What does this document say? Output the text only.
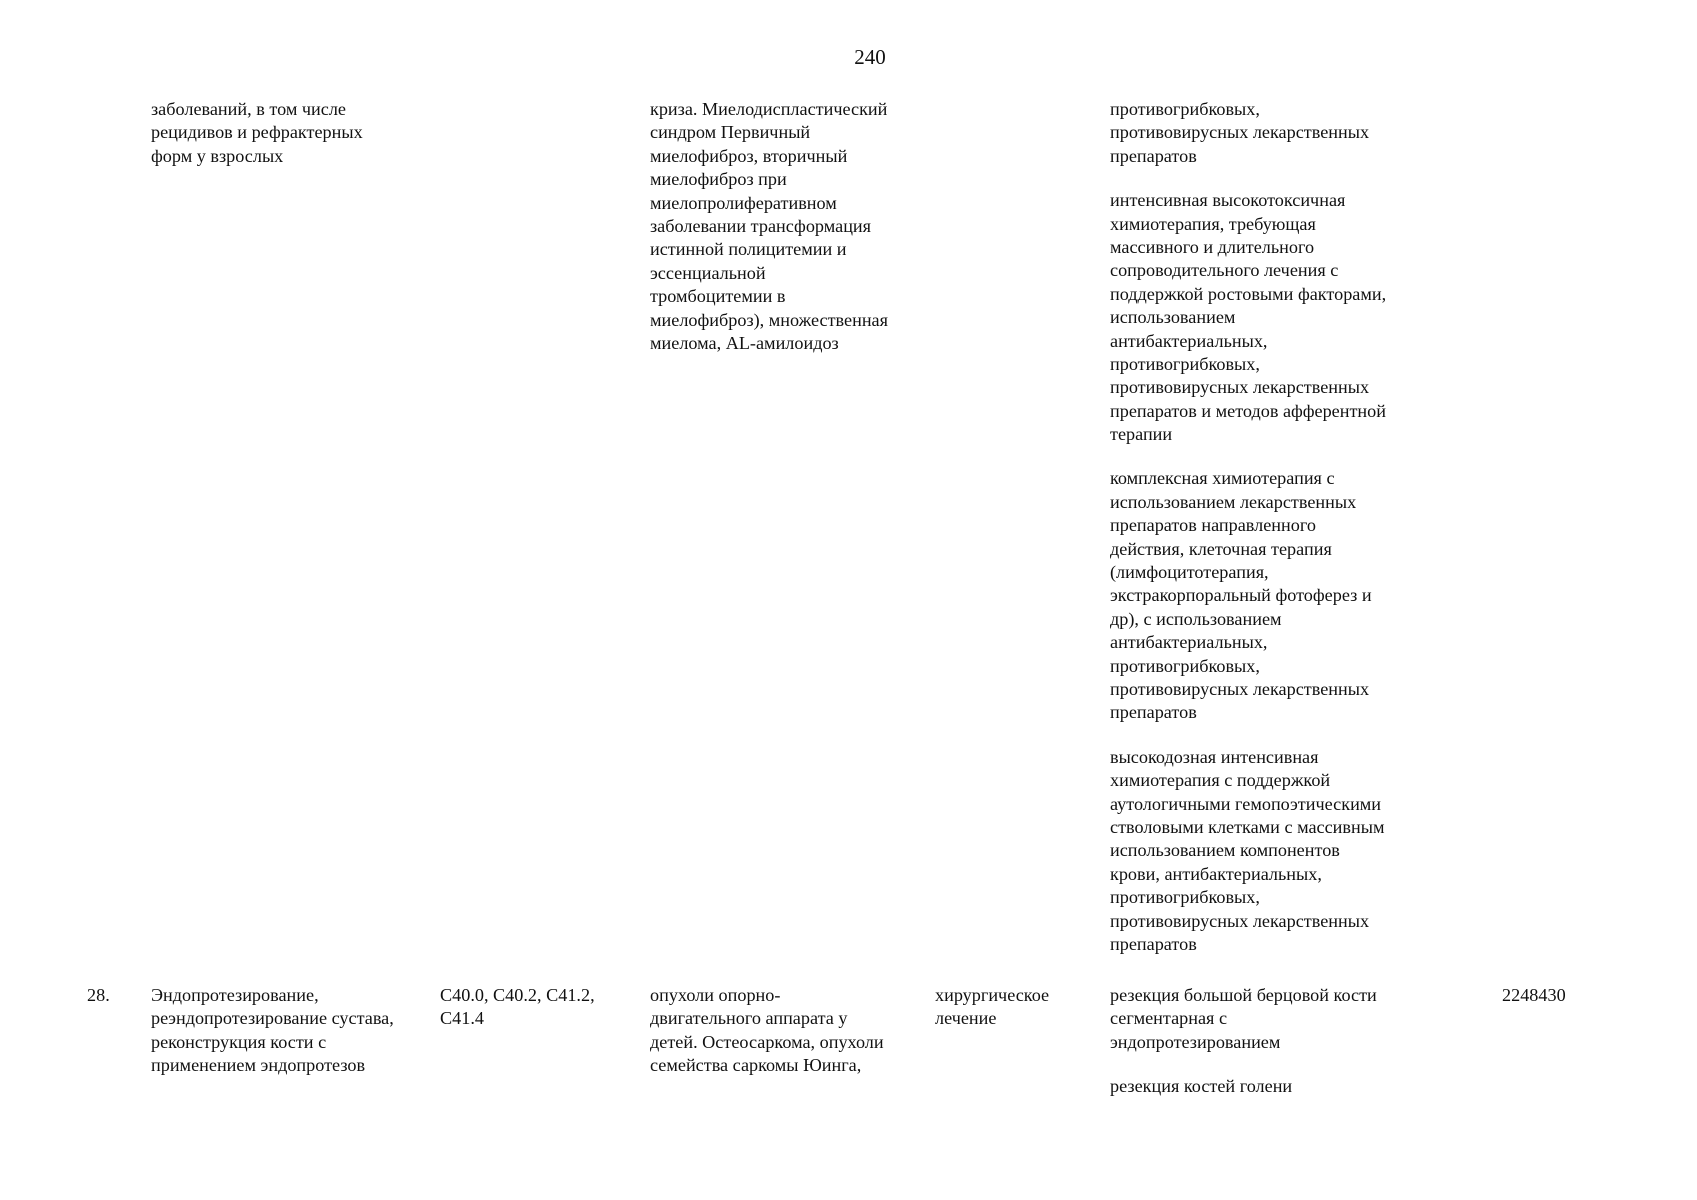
240
заболеваний, в том числе
рецидивов и рефрактерных
форм у взрослых
криза. Миелодиспластический
синдром Первичный
миелофиброз, вторичный
миелофиброз при
миелопролиферативном
заболевании трансформация
истинной полицитемии и
эссенциальной
тромбоцитемии в
миелофиброз), множественная
миелома, AL-амилоидоз
противогрибковых,
противовирусных лекарственных
препаратов
интенсивная высокотоксичная
химиотерапия, требующая
массивного и длительного
сопроводительного лечения с
поддержкой ростовыми факторами,
использованием
антибактериальных,
противогрибковых,
противовирусных лекарственных
препаратов и методов афферентной
терапии
комплексная химиотерапия с
использованием лекарственных
препаратов направленного
действия, клеточная терапия
(лимфоцитотерапия,
экстракорпоральный фотоферез и
др), с использованием
антибактериальных,
противогрибковых,
противовирусных лекарственных
препаратов
высокодозная интенсивная
химиотерапия с поддержкой
аутологичными гемопоэтическими
стволовыми клетками с массивным
использованием компонентов
крови, антибактериальных,
противогрибковых,
противовирусных лекарственных
препаратов
28. Эндопротезирование,
реэндопротезирование сустава,
реконструкция кости с
применением эндопротезов
C40.0, C40.2, C41.2,
C41.4
опухоли опорно-
двигательного аппарата у
детей. Остеосаркома, опухоли
семейства саркомы Юинга,
хирургическое
лечение
резекция большой берцовой кости
сегментарная с
эндопротезированием
резекция костей голени
2248430
